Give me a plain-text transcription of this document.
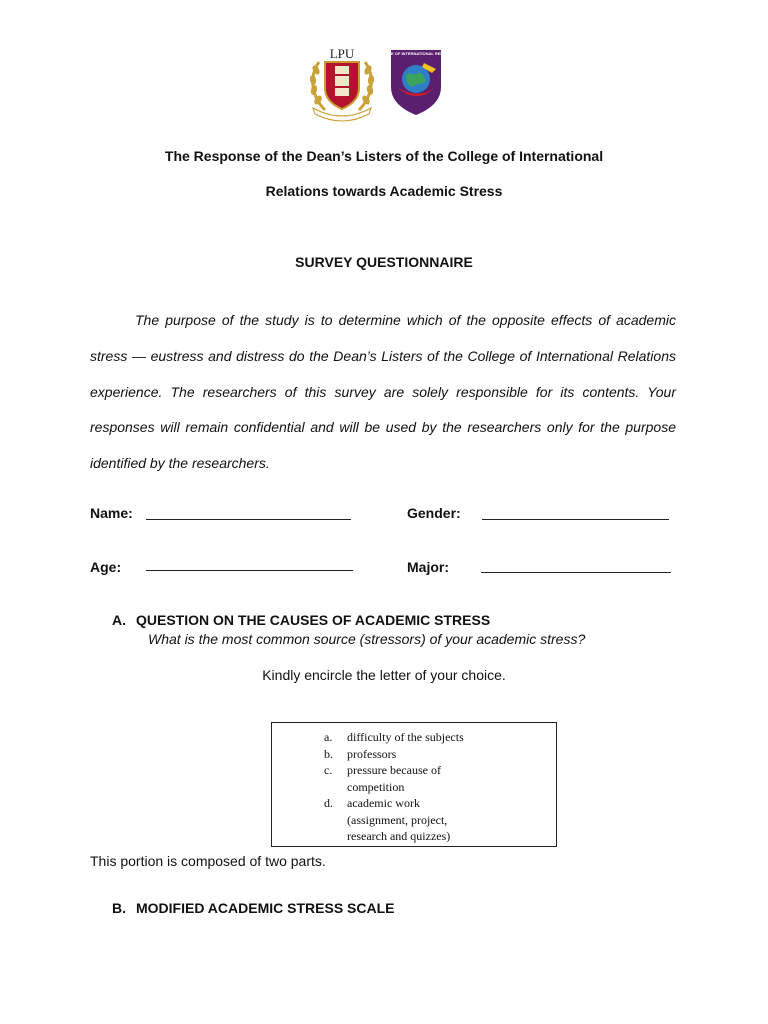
LPU	COLLEGE OF INTERNATIONAL RELATIONS
The Response of the Dean’s Listers of the College of International
Relations towards Academic Stress
SURVEY QUESTIONNAIRE

The purpose of the study is to determine which of the opposite effects of academic stress — eustress and distress do the Dean’s Listers of the College of International Relations experience. The researchers of this survey are solely responsible for its contents. Your responses will remain confidential and will be used by the researchers only for the purpose identified by the researchers.

Name:	Gender:
Age:	Major:
A. QUESTION ON THE CAUSES OF ACADEMIC STRESS
What is the most common source (stressors) of your academic stress?
Kindly encircle the letter of your choice.
a.	difficulty of the subjects
b.	professors
c.	pressure because of competition
d.	academic work (assignment, project, research and quizzes)
This portion is composed of two parts.
B. MODIFIED ACADEMIC STRESS SCALE
